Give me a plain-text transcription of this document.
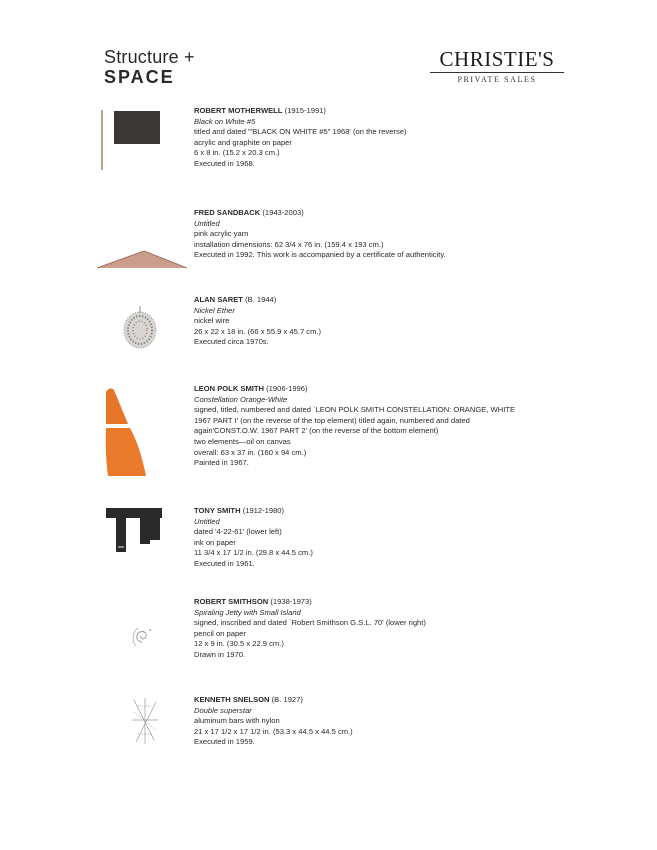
Structure +
SPACE
CHRISTIE'S
PRIVATE SALES
ROBERT MOTHERWELL (1915-1991)
Black on White #5
titled and dated '"BLACK ON WHITE #5" 1968' (on the reverse)
acrylic and graphite on paper
6 x 8 in. (15.2 x 20.3 cm.)
Executed in 1968.
FRED SANDBACK (1943-2003)
Untitled
pink acrylic yarn
installation dimensions: 62 3/4 x 76 in. (159.4 x 193 cm.)
Executed in 1992. This work is accompanied by a certificate of authenticity.
ALAN SARET (B. 1944)
Nickel Ether
nickel wire
26 x 22 x 18 in. (66 x 55.9 x 45.7 cm.)
Executed circa 1970s.
LEON POLK SMITH (1906-1996)
Constellation Orange-White
signed, titled, numbered and dated `LEON POLK SMITH CONSTELLATION: ORANGE, WHITE
1967 PART I' (on the reverse of the top element) titled again, numbered and dated
again'CONST.O.W. 1967 PART 2' (on the reverse of the bottom element)
two elements—oil on canvas
overall: 63 x 37 in. (160 x 94 cm.)
Painted in 1967.
TONY SMITH (1912-1980)
Untitled
dated '4-22-61' (lower left)
ink on paper
11 3/4 x 17 1/2 in. (29.8 x 44.5 cm.)
Executed in 1961.
ROBERT SMITHSON (1938-1973)
Spiraling Jetty with Small Island
signed, inscribed and dated `Robert Smithson G.S.L. 70' (lower right)
pencil on paper
12 x 9 in. (30.5 x 22.9 cm.)
Drawn in 1970.
KENNETH SNELSON (B. 1927)
Double superstar
aluminum bars with nylon
21 x 17 1/2 x 17 1/2 in. (53.3 x 44.5 x 44.5 cm.)
Executed in 1959.
